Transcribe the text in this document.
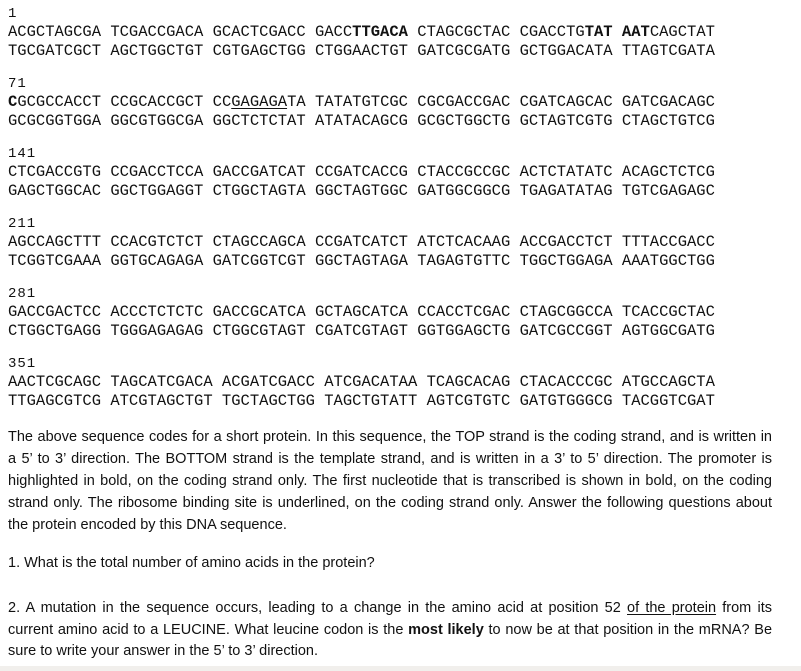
1
ACGCTAGCGA TCGACCGACA GCACTCGACC GACCTTGACA CTAGCGCTAC CGACCTGTAT AATCAGCTAT
TGCGATCGCT AGCTGGCTGT CGTGAGCTGG CTGGAACTGT GATCGCGATG GCTGGACATA TTAGTCGATA
71
CGCGCCACCT CCGCACCGCT CCGAGAGATA TATATGTCGC CGCGACCGAC CGATCAGCAC GATCGACAGC
GCGCGGTGGA GGCGTGGCGA GGCTCTCTAT ATATACAGCG GCGCTGGCTG GCTAGTCGTG CTAGCTGTCG
141
CTCGACCGTG CCGACCTCCA GACCGATCAT CCGATCACCG CTACCGCCGC ACTCTATATC ACAGCTCTCG
GAGCTGGCAC GGCTGGAGGT CTGGCTAGTA GGCTAGTGGC GATGGCGGCG TGAGATATAG TGTCGAGAGC
211
AGCCAGCTTT CCACGTCTCT CTAGCCAGCA CCGATCATCT ATCTCACAAG ACCGACCTCT TTTACCGACC
TCGGTCGAAA GGTGCAGAGA GATCGGTCGT GGCTAGTAGA TAGAGTGTTC TGGCTGGAGA AAATGGCTGG
281
GACCGACTCC ACCCTCTCTC GACCGCATCA GCTAGCATCA CCACCTCGAC CTAGCGGCCA TCACCGCTAC
CTGGCTGAGG TGGGAGAGAG CTGGCGTAGT CGATCGTAGT GGTGGAGCTG GATCGCCGGT AGTGGCGATG
351
AACTCGCAGC TAGCATCGACA ACGATCGACC ATCGACATAA TCAGCACAG CTACACCCGC ATGCCAGCTA
TTGAGCGTCG ATCGTAGCTGT TGCTAGCTGG TAGCTGTATT AGTCGTGTC GATGTGGGCG TACGGTCGAT

The above sequence codes for a short protein. In this sequence, the TOP strand is the coding strand, and is written in a 5’ to 3’ direction. The BOTTOM strand is the template strand, and is written in a 3’ to 5’ direction. The promoter is highlighted in bold, on the coding strand only. The first nucleotide that is transcribed is shown in bold, on the coding strand only. The ribosome binding site is underlined, on the coding strand only. Answer the following questions about the protein encoded by this DNA sequence.

1. What is the total number of amino acids in the protein?

2. A mutation in the sequence occurs, leading to a change in the amino acid at position 52 of the protein from its current amino acid to a LEUCINE. What leucine codon is the most likely to now be at that position in the mRNA? Be sure to write your answer in the 5’ to 3’ direction.
